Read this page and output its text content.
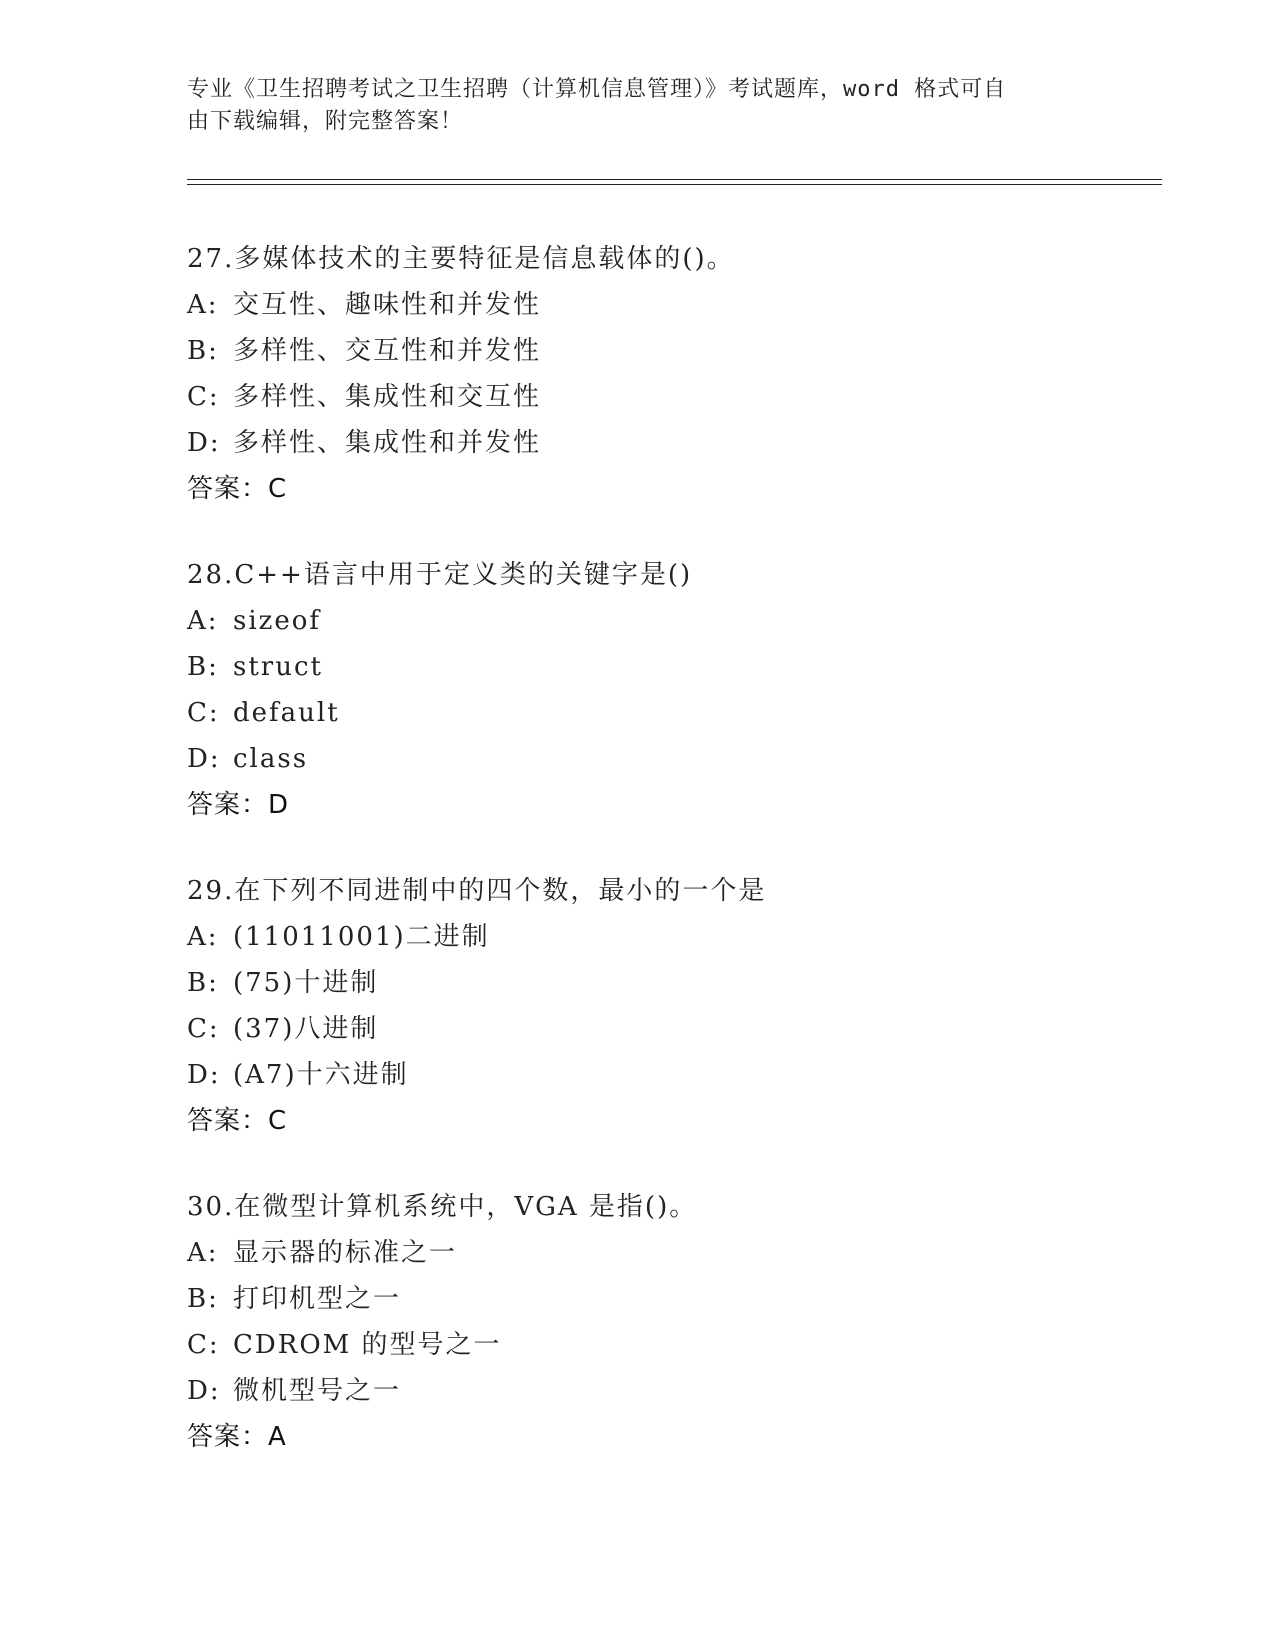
专业《卫生招聘考试之卫生招聘（计算机信息管理）》考试题库，word 格式可自
由下载编辑，附完整答案！
27.多媒体技术的主要特征是信息载体的()。
A: 交互性、趣味性和并发性
B: 多样性、交互性和并发性
C: 多样性、集成性和交互性
D: 多样性、集成性和并发性
答案：C
28.C++语言中用于定义类的关键字是()
A: sizeof
B: struct
C: default
D: class
答案：D
29.在下列不同进制中的四个数，最小的一个是
A: (11011001)二进制
B: (75)十进制
C: (37)八进制
D: (A7)十六进制
答案：C
30.在微型计算机系统中，VGA 是指()。
A: 显示器的标准之一
B: 打印机型之一
C: CDROM 的型号之一
D: 微机型号之一
答案：A
